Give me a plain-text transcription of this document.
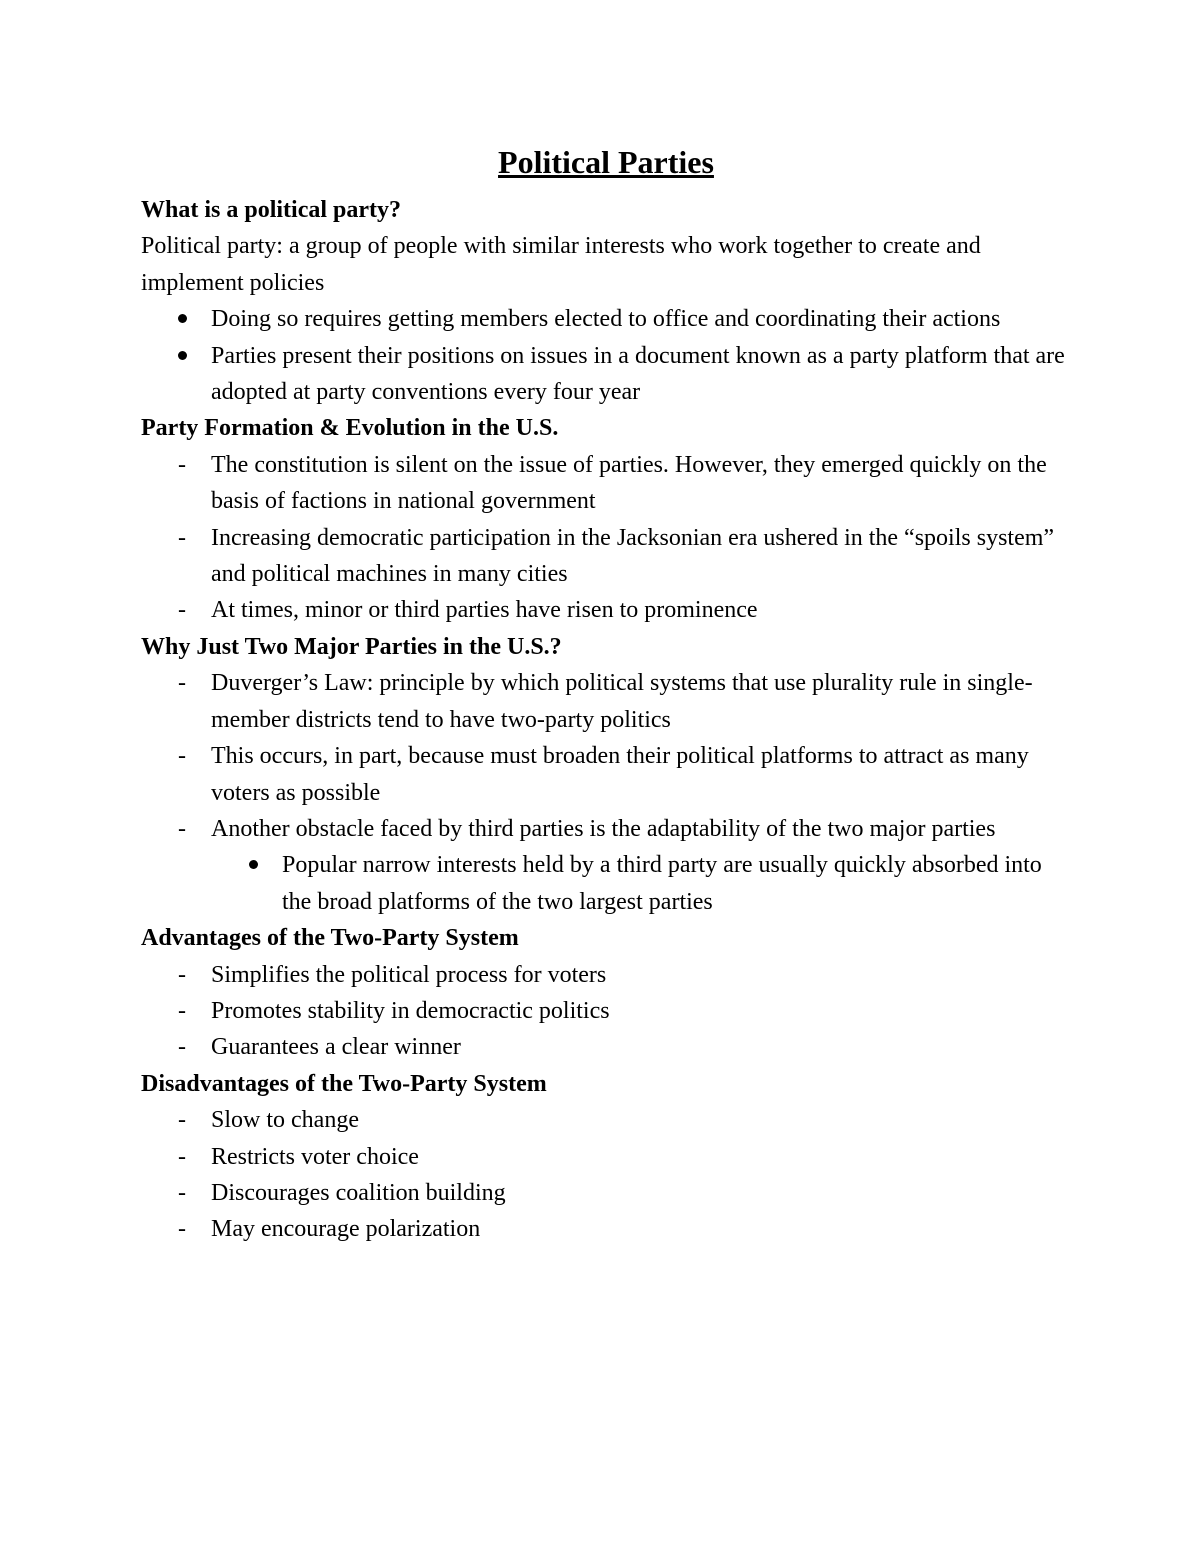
Political Parties

What is a political party?

Political party: a group of people with similar interests who work together to create and implement policies

Doing so requires getting members elected to office and coordinating their actions
Parties present their positions on issues in a document known as a party platform that are adopted at party conventions every four year

Party Formation & Evolution in the U.S.

-	The constitution is silent on the issue of parties. However, they emerged quickly on the basis of factions in national government
-	Increasing democratic participation in the Jacksonian era ushered in the “spoils system” and political machines in many cities
-	At times, minor or third parties have risen to prominence

Why Just Two Major Parties in the U.S.?

-	Duverger’s Law: principle by which political systems that use plurality rule in single-member districts tend to have two-party politics
-	This occurs, in part, because must broaden their political platforms to attract as many voters as possible
-	Another obstacle faced by third parties is the adaptability of the two major parties
Popular narrow interests held by a third party are usually quickly absorbed into the broad platforms of the two largest parties

Advantages of the Two-Party System

-	Simplifies the political process for voters
-	Promotes stability in democractic politics
-	Guarantees a clear winner

Disadvantages of the Two-Party System

-	Slow to change
-	Restricts voter choice
-	Discourages coalition building
-	May encourage polarization
